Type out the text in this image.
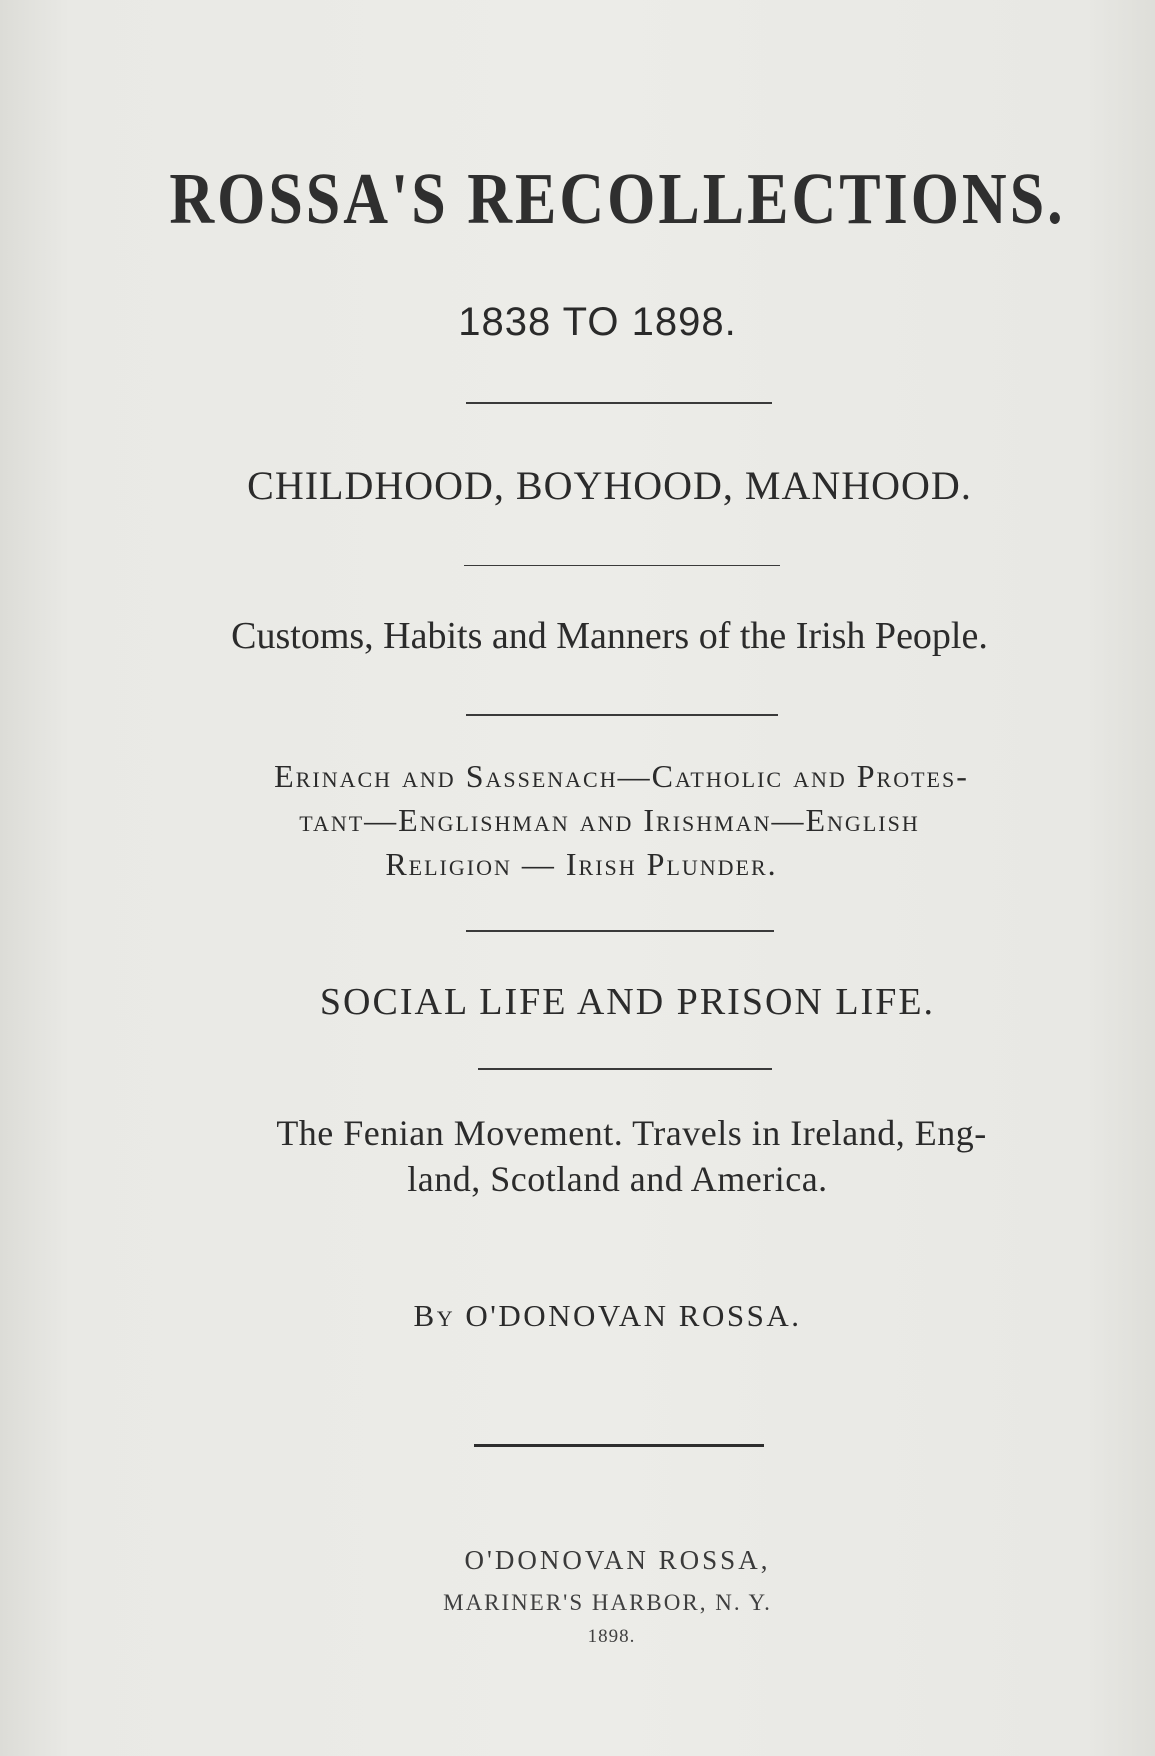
ROSSA'S RECOLLECTIONS.
1838 TO 1898.
CHILDHOOD, BOYHOOD, MANHOOD.
Customs, Habits and Manners of the Irish People.
Erinach and Sassenach—Catholic and Protes-
tant—Englishman and Irishman—English
Religion — Irish Plunder.
SOCIAL LIFE AND PRISON LIFE.
The Fenian Movement. Travels in Ireland, Eng-
land, Scotland and America.
By O'DONOVAN ROSSA.
O'DONOVAN ROSSA,
MARINER'S HARBOR, N. Y.
1898.
